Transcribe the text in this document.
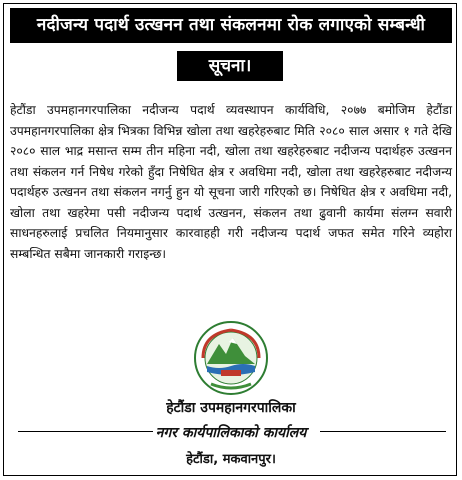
नदीजन्य पदार्थ उत्खनन तथा संकलनमा रोक लगाएको सम्बन्धी
सूचना।
हेटौंडा उपमहानगरपालिका नदीजन्य पदार्थ व्यवस्थापन कार्यविधि, २०७७ बमोजिम हेटौंडा उपमहानगरपालिका क्षेत्र भित्रका विभिन्न खोला तथा खहरेहरुबाट मिति २०८० साल असार १ गते देखि २०८० साल भाद्र मसान्त सम्म तीन महिना नदी, खोला तथा खहरेहरुबाट नदीजन्य पदार्थहरु उत्खनन तथा संकलन गर्न निषेध गरेको हुँदा निषेधित क्षेत्र र अवधिमा नदी, खोला तथा खहरेहरुबाट नदीजन्य पदार्थहरु उत्खनन तथा संकलन नगर्नु हुन यो सूचना जारी गरिएको छ। निषेधित क्षेत्र र अवधिमा नदी, खोला तथा खहरेमा पसी नदीजन्य पदार्थ उत्खनन, संकलन तथा ढुवानी कार्यमा संलग्न सवारी साधनहरुलाई प्रचलित नियमानुसार कारवाहही गरी नदीजन्य पदार्थ जफत समेत गरिने व्यहोरा सम्बन्धित सबैमा जानकारी गराइन्छ।
हेटौंडा उपमहानगरपालिका
नगर कार्यपालिकाको कार्यालय
हेटौंडा, मकवानपुर।
